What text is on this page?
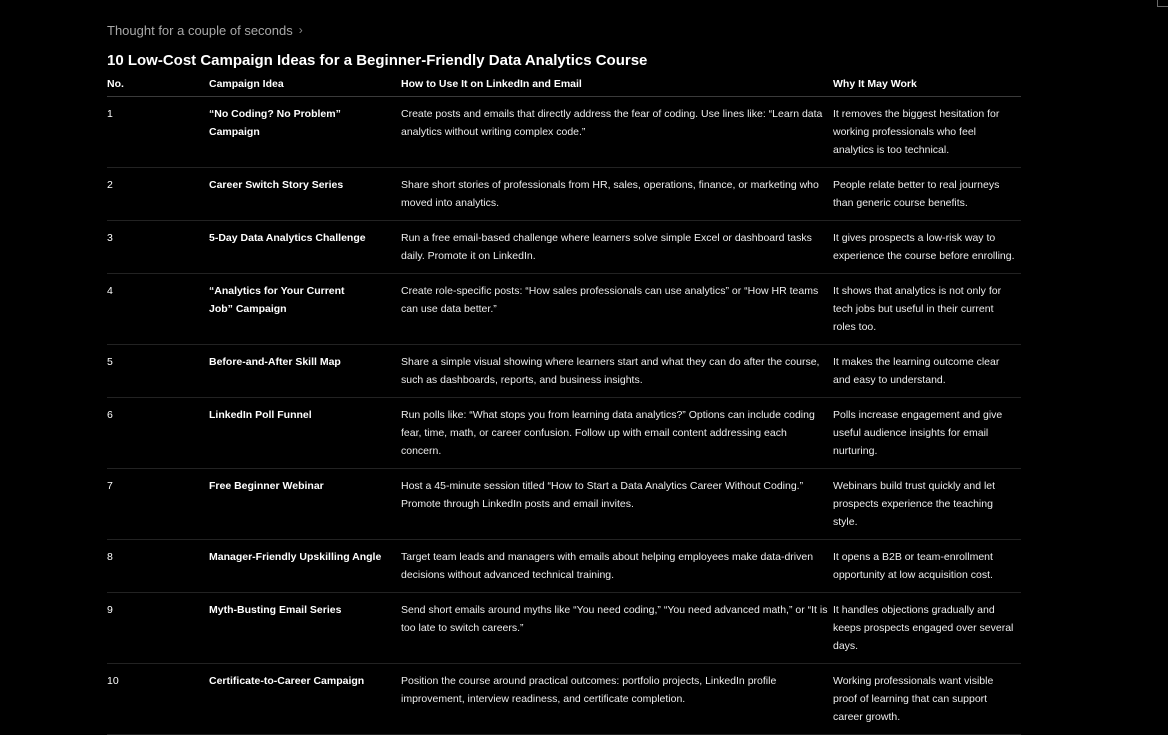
Thought for a couple of seconds ›
10 Low-Cost Campaign Ideas for a Beginner-Friendly Data Analytics Course
No.	Campaign Idea	How to Use It on LinkedIn and Email	Why It May Work
1	“No Coding? No Problem” Campaign	Create posts and emails that directly address the fear of coding. Use lines like: “Learn data analytics without writing complex code.”	It removes the biggest hesitation for working professionals who feel analytics is too technical.
2	Career Switch Story Series	Share short stories of professionals from HR, sales, operations, finance, or marketing who moved into analytics.	People relate better to real journeys than generic course benefits.
3	5-Day Data Analytics Challenge	Run a free email-based challenge where learners solve simple Excel or dashboard tasks daily. Promote it on LinkedIn.	It gives prospects a low-risk way to experience the course before enrolling.
4	“Analytics for Your Current Job” Campaign	Create role-specific posts: “How sales professionals can use analytics” or “How HR teams can use data better.”	It shows that analytics is not only for tech jobs but useful in their current roles too.
5	Before-and-After Skill Map	Share a simple visual showing where learners start and what they can do after the course, such as dashboards, reports, and business insights.	It makes the learning outcome clear and easy to understand.
6	LinkedIn Poll Funnel	Run polls like: “What stops you from learning data analytics?” Options can include coding fear, time, math, or career confusion. Follow up with email content addressing each concern.	Polls increase engagement and give useful audience insights for email nurturing.
7	Free Beginner Webinar	Host a 45-minute session titled “How to Start a Data Analytics Career Without Coding.” Promote through LinkedIn posts and email invites.	Webinars build trust quickly and let prospects experience the teaching style.
8	Manager-Friendly Upskilling Angle	Target team leads and managers with emails about helping employees make data-driven decisions without advanced technical training.	It opens a B2B or team-enrollment opportunity at low acquisition cost.
9	Myth-Busting Email Series	Send short emails around myths like “You need coding,” “You need advanced math,” or “It is too late to switch careers.”	It handles objections gradually and keeps prospects engaged over several days.
10	Certificate-to-Career Campaign	Position the course around practical outcomes: portfolio projects, LinkedIn profile improvement, interview readiness, and certificate completion.	Working professionals want visible proof of learning that can support career growth.
